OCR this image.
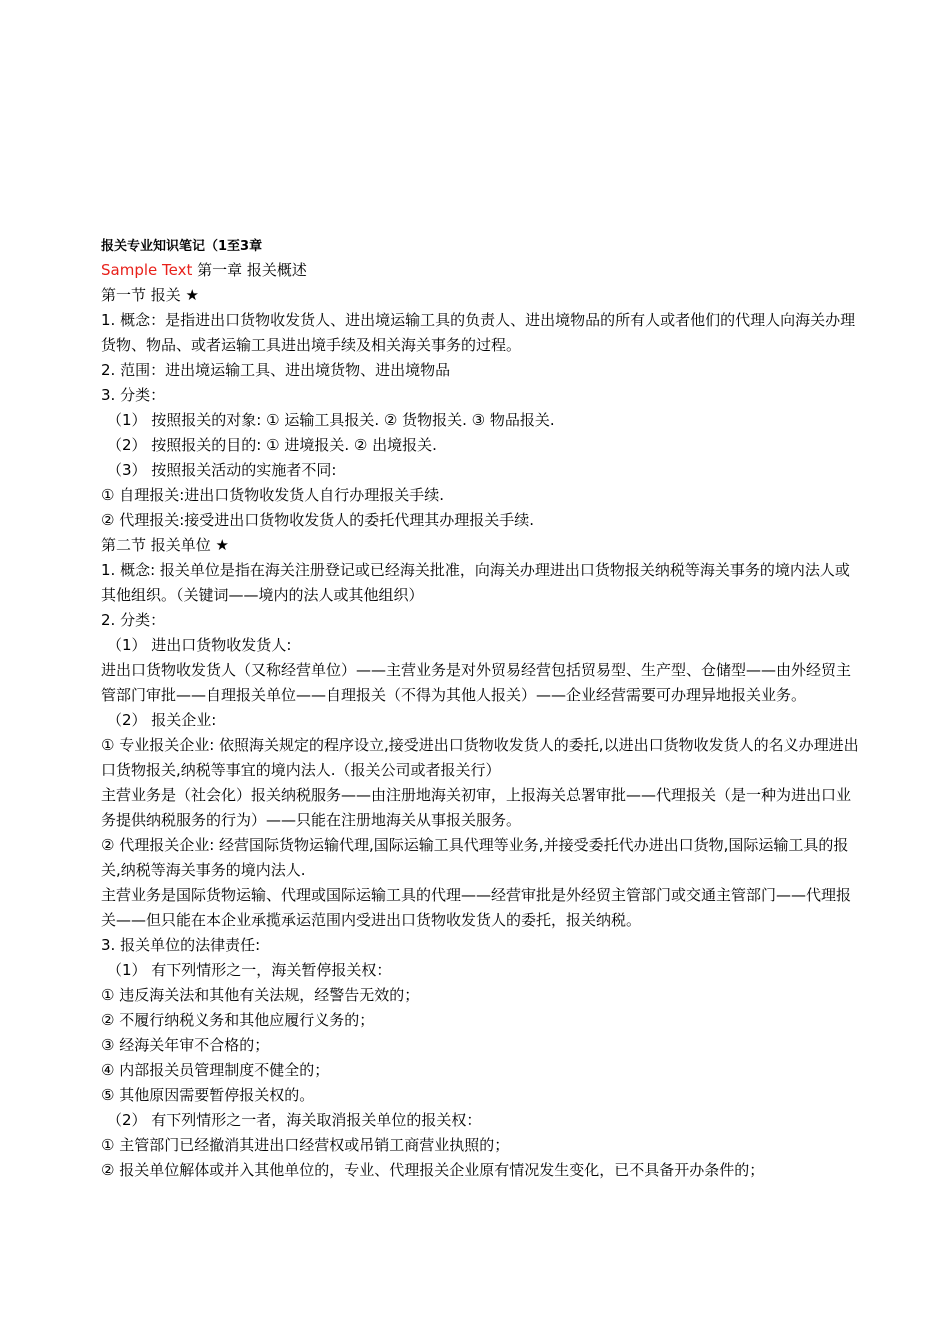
报关专业知识笔记（1至3章
Sample Text 第一章 报关概述
第一节 报关 ★
1. 概念：是指进出口货物收发货人、进出境运输工具的负责人、进出境物品的所有人或者他们的代理人向海关办理货物、物品、或者运输工具进出境手续及相关海关事务的过程。
2. 范围：进出境运输工具、进出境货物、进出境物品
3. 分类：
（1） 按照报关的对象: ① 运输工具报关. ② 货物报关. ③ 物品报关.
（2） 按照报关的目的: ① 进境报关. ② 出境报关.
（3） 按照报关活动的实施者不同:
① 自理报关:进出口货物收发货人自行办理报关手续.
② 代理报关:接受进出口货物收发货人的委托代理其办理报关手续.
第二节 报关单位 ★
1. 概念: 报关单位是指在海关注册登记或已经海关批准，向海关办理进出口货物报关纳税等海关事务的境内法人或其他组织。（关键词——境内的法人或其他组织）
2. 分类：
（1） 进出口货物收发货人:
进出口货物收发货人（又称经营单位）——主营业务是对外贸易经营包括贸易型、生产型、仓储型——由外经贸主管部门审批——自理报关单位——自理报关（不得为其他人报关）——企业经营需要可办理异地报关业务。
（2） 报关企业:
① 专业报关企业: 依照海关规定的程序设立,接受进出口货物收发货人的委托,以进出口货物收发货人的名义办理进出口货物报关,纳税等事宜的境内法人.（报关公司或者报关行）
主营业务是（社会化）报关纳税服务——由注册地海关初审，上报海关总署审批——代理报关（是一种为进出口业务提供纳税服务的行为）——只能在注册地海关从事报关服务。
② 代理报关企业: 经营国际货物运输代理,国际运输工具代理等业务,并接受委托代办进出口货物,国际运输工具的报关,纳税等海关事务的境内法人.
主营业务是国际货物运输、代理或国际运输工具的代理——经营审批是外经贸主管部门或交通主管部门——代理报关——但只能在本企业承揽承运范围内受进出口货物收发货人的委托，报关纳税。
3. 报关单位的法律责任:
（1） 有下列情形之一，海关暂停报关权：
① 违反海关法和其他有关法规，经警告无效的；
② 不履行纳税义务和其他应履行义务的；
③ 经海关年审不合格的；
④ 内部报关员管理制度不健全的；
⑤ 其他原因需要暂停报关权的。
（2） 有下列情形之一者，海关取消报关单位的报关权：
① 主管部门已经撤消其进出口经营权或吊销工商营业执照的；
② 报关单位解体或并入其他单位的，专业、代理报关企业原有情况发生变化，已不具备开办条件的；
